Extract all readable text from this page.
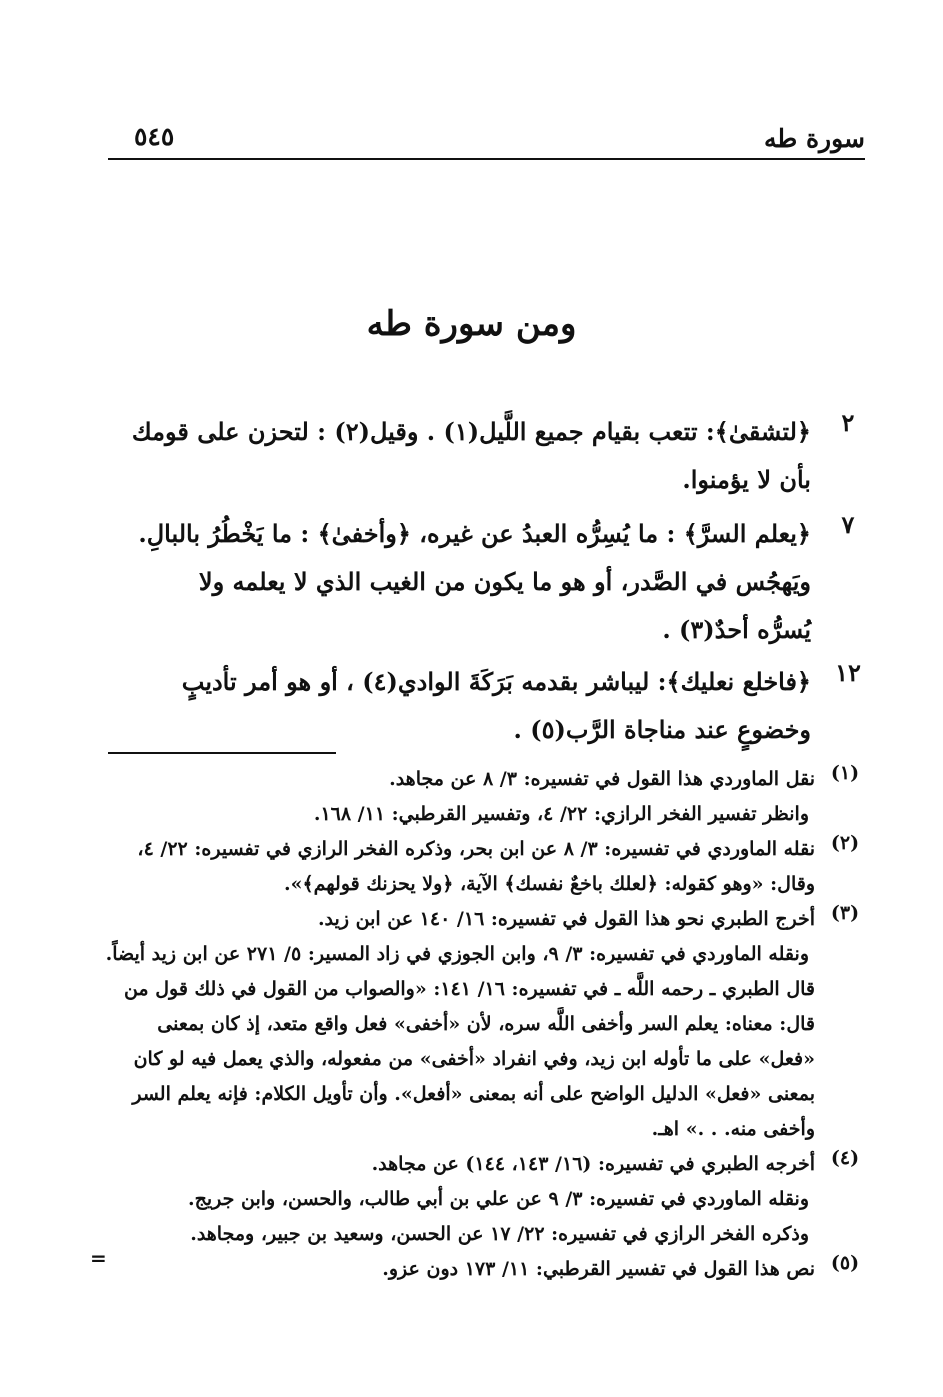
سورة طه
٥٤٥
ومن سورة طه
٢
﴿لتشقىٰ﴾: تتعب بقيام جميع اللَّيل(١) . وقيل(٢) : لتحزن على قومك
بأن لا يؤمنوا.
٧
﴿يعلم السرَّ﴾ : ما يُسِرُّه العبدُ عن غيره، ﴿وأخفىٰ﴾ : ما يَخْطُرُ بالبالِ.
ويَهجُس في الصَّدر، أو هو ما يكون من الغيب الذي لا يعلمه ولا
يُسرُّه أحدٌ(٣) .
١٢
﴿فاخلع نعليك﴾: ليباشر بقدمه بَرَكَةَ الوادي(٤) ، أو هو أمر تأديبٍ
وخضوعٍ عند مناجاة الرَّب(٥) .
(١)
نقل الماوردي هذا القول في تفسيره: ٣/ ٨ عن مجاهد.
وانظر تفسير الفخر الرازي: ٢٢/ ٤، وتفسير القرطبي: ١١/ ١٦٨.
(٢)
نقله الماوردي في تفسيره: ٣/ ٨ عن ابن بحر، وذكره الفخر الرازي في تفسيره: ٢٢/ ٤،
وقال: «وهو كقوله: ﴿لعلك باخعٌ نفسك﴾ الآية، ﴿ولا يحزنك قولهم﴾».
(٣)
أخرج الطبري نحو هذا القول في تفسيره: ١٦/ ١٤٠ عن ابن زيد.
ونقله الماوردي في تفسيره: ٣/ ٩، وابن الجوزي في زاد المسير: ٥/ ٢٧١ عن ابن زيد أيضاً.
قال الطبري ـ رحمه اللَّه ـ في تفسيره: ١٦/ ١٤١: «والصواب من القول في ذلك قول من
قال: معناه: يعلم السر وأخفى اللَّه سره، لأن «أخفى» فعل واقع متعد، إذ كان بمعنى
«فعل» على ما تأوله ابن زيد، وفي انفراد «أخفى» من مفعوله، والذي يعمل فيه لو كان
بمعنى «فعل» الدليل الواضح على أنه بمعنى «أفعل». وأن تأويل الكلام: فإنه يعلم السر
وأخفى منه. . .» اهـ.
(٤)
أخرجه الطبري في تفسيره: (١٦/ ١٤٣، ١٤٤) عن مجاهد.
ونقله الماوردي في تفسيره: ٣/ ٩ عن علي بن أبي طالب، والحسن، وابن جريج.
وذكره الفخر الرازي في تفسيره: ٢٢/ ١٧ عن الحسن، وسعيد بن جبير، ومجاهد.
(٥)
نص هذا القول في تفسير القرطبي: ١١/ ١٧٣ دون عزو.
=
